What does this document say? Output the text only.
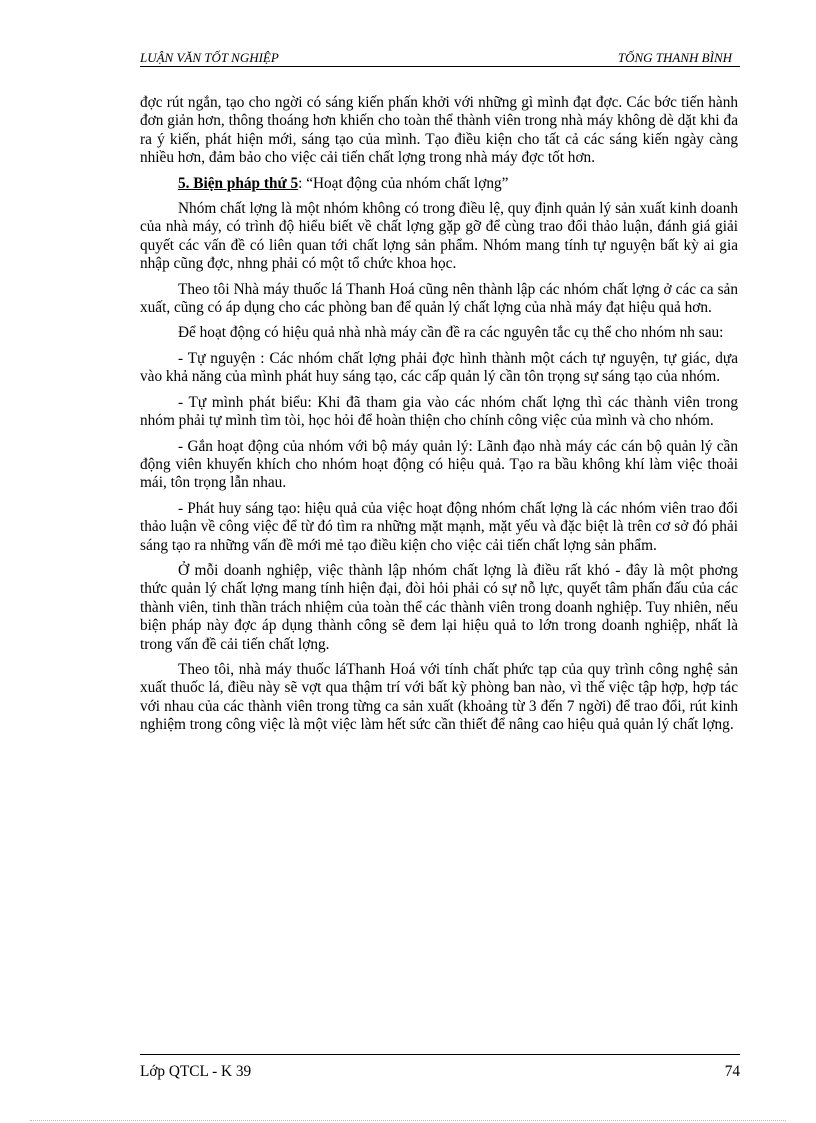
LUẬN VĂN TỐT NGHIỆP	TỐNG THANH BÌNH

đợc rút ngắn, tạo cho ngời có sáng kiến phấn khởi với những gì mình đạt đợc. Các bớc tiến hành đơn giản hơn, thông thoáng hơn khiến cho toàn thể thành viên trong nhà máy không dè dặt khi đa ra ý kiến, phát hiện mới, sáng tạo của mình. Tạo điều kiện cho tất cả các sáng kiến ngày càng nhiều hơn, đảm bảo cho việc cải tiến chất lợng trong nhà máy đợc tốt hơn.

5. Biện pháp thứ 5: “Hoạt động của nhóm chất lợng”

Nhóm chất lợng là một nhóm không có trong điều lệ, quy định quản lý sản xuất kinh doanh của nhà máy, có trình độ hiểu biết về chất lợng gặp gỡ để cùng trao đổi thảo luận, đánh giá giải quyết các vấn đề có liên quan tới chất lợng sản phẩm. Nhóm mang tính tự nguyện bất kỳ ai gia nhập cũng đợc, nhng phải có một tổ chức khoa học.

Theo tôi Nhà máy thuốc lá Thanh Hoá cũng nên thành lập các nhóm chất lợng ở các ca sản xuất, cũng có áp dụng cho các phòng ban để quản lý chất lợng của nhà máy đạt hiệu quả hơn.

Để hoạt động có hiệu quả nhà nhà máy cần đề ra các nguyên tắc cụ thể cho nhóm nh sau:

- Tự nguyện : Các nhóm chất lợng phải đợc hình thành một cách tự nguyện, tự giác, dựa vào khả năng của mình phát huy sáng tạo, các cấp quản lý cần tôn trọng sự sáng tạo của nhóm.

- Tự mình phát biểu: Khi đã tham gia vào các nhóm chất lợng thì các thành viên trong nhóm phải tự mình tìm tòi, học hỏi để hoàn thiện cho chính công việc của mình và cho nhóm.

- Gắn hoạt động của nhóm với bộ máy quản lý: Lãnh đạo nhà máy các cán bộ quản lý cần động viên khuyến khích cho nhóm hoạt động có hiệu quả. Tạo ra bầu không khí làm việc thoải mái, tôn trọng lẫn nhau.

- Phát huy sáng tạo: hiệu quả của việc hoạt động nhóm chất lợng là các nhóm viên trao đổi thảo luận về công việc để từ đó tìm ra những mặt mạnh, mặt yếu và đặc biệt là trên cơ sở đó phải sáng tạo ra những vấn đề mới mẻ tạo điều kiện cho việc cải tiến chất lợng sản phẩm.

Ở mỗi doanh nghiệp, việc thành lập nhóm chất lợng là điều rất khó - đây là một phơng thức quản lý chất lợng mang tính hiện đại, đòi hỏi phải có sự nỗ lực, quyết tâm phấn đấu của các thành viên, tinh thần trách nhiệm của toàn thể các thành viên trong doanh nghiệp. Tuy nhiên, nếu biện pháp này đợc áp dụng thành công sẽ đem lại hiệu quả to lớn trong doanh nghiệp, nhất là trong vấn đề cải tiến chất lợng.

Theo tôi, nhà máy thuốc láThanh Hoá với tính chất phức tạp của quy trình công nghệ sản xuất thuốc lá, điều này sẽ vợt qua thậm trí với bất kỳ phòng ban nào, vì thế việc tập hợp, hợp tác với nhau của các thành viên trong từng ca sản xuất (khoảng từ 3 đến 7 ngời) để trao đổi, rút kinh nghiệm trong công việc là một việc làm hết sức cần thiết để nâng cao hiệu quả quản lý chất lợng.

Lớp QTCL - K 39	74
